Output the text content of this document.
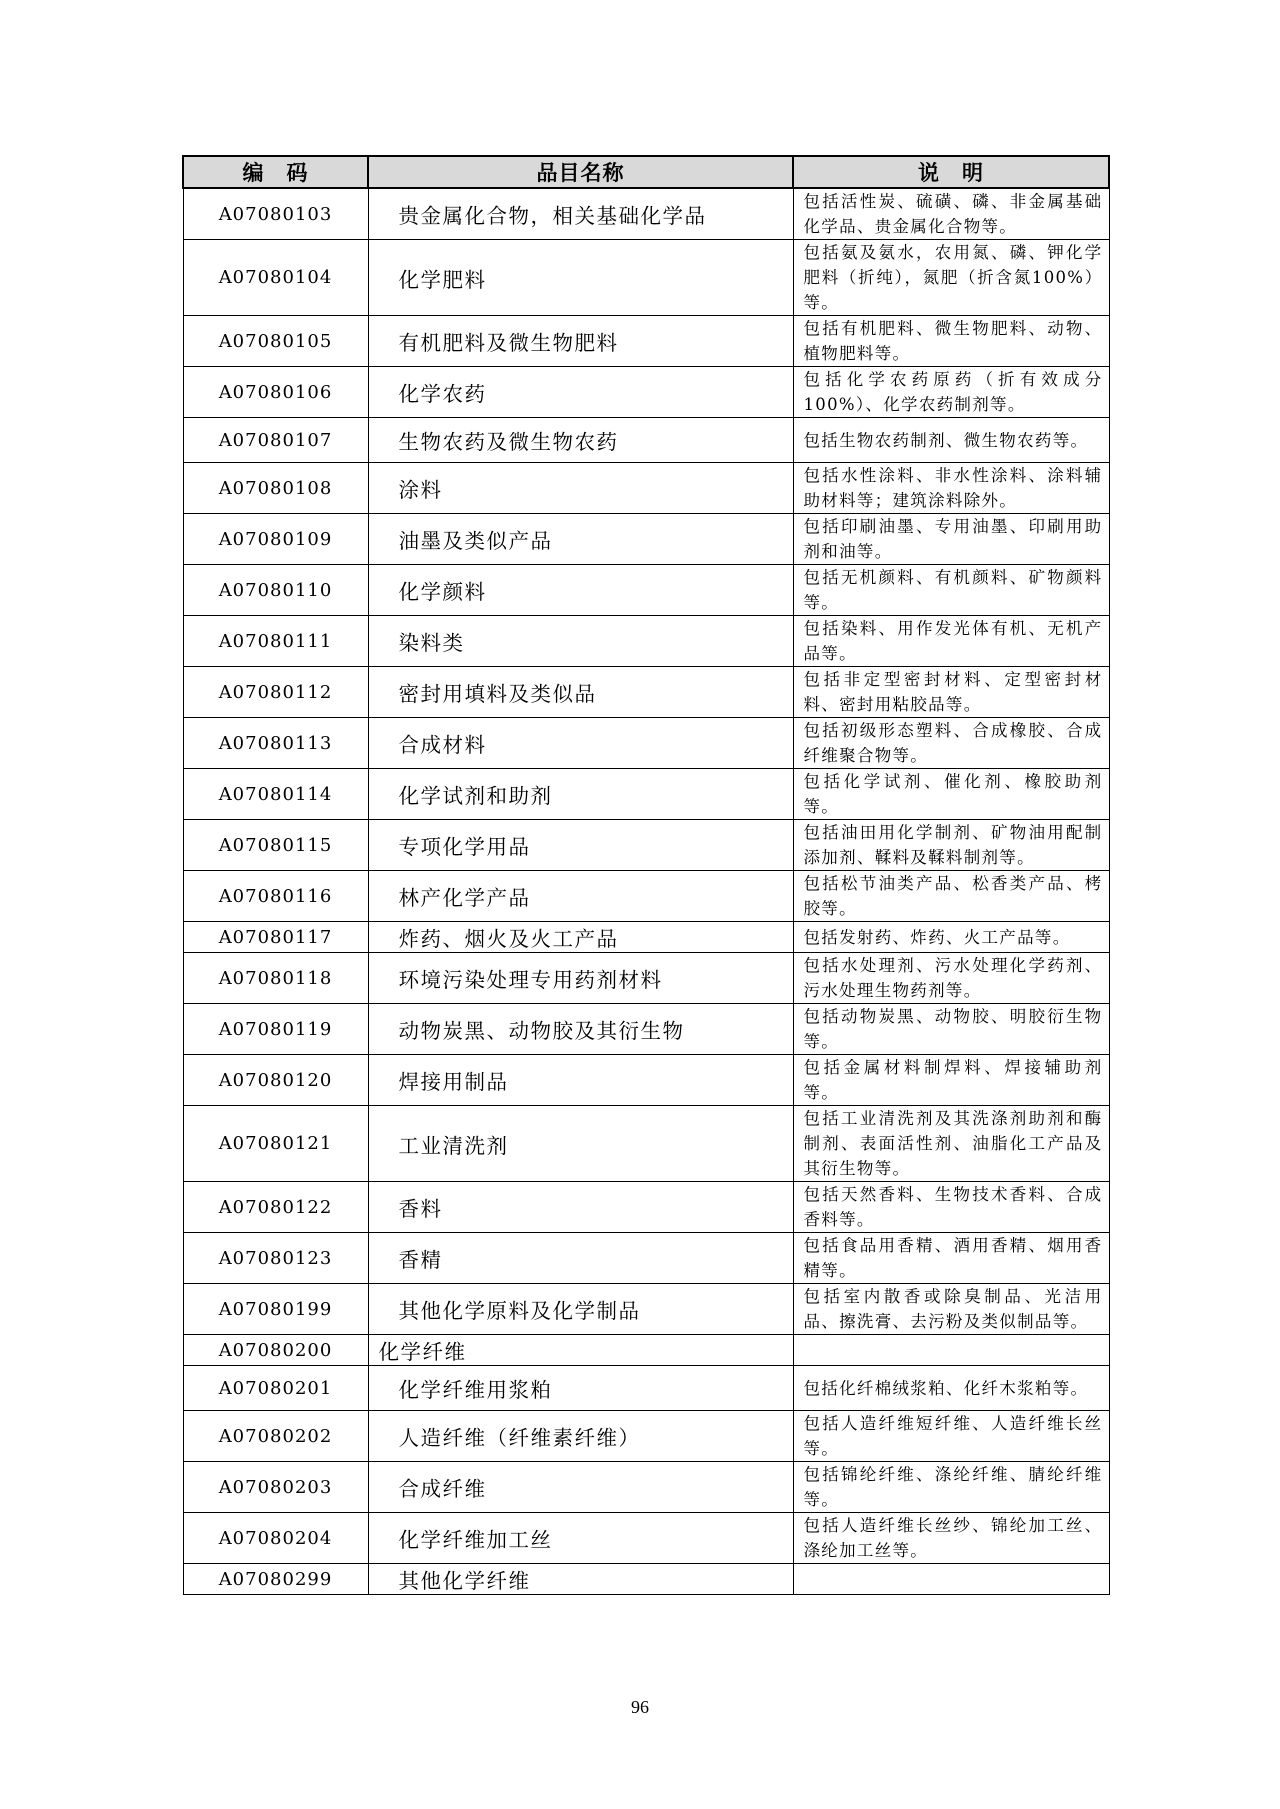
编　码	品目名称	说　明
A07080103	贵金属化合物，相关基础化学品	包括活性炭、硫磺、磷、非金属基础化学品、贵金属化合物等。
A07080104	化学肥料	包括氨及氨水，农用氮、磷、钾化学肥料（折纯），氮肥（折含氮100%）等。
A07080105	有机肥料及微生物肥料	包括有机肥料、微生物肥料、动物、植物肥料等。
A07080106	化学农药	包括化学农药原药（折有效成分100%）、化学农药制剂等。
A07080107	生物农药及微生物农药	包括生物农药制剂、微生物农药等。
A07080108	涂料	包括水性涂料、非水性涂料、涂料辅助材料等；建筑涂料除外。
A07080109	油墨及类似产品	包括印刷油墨、专用油墨、印刷用助剂和油等。
A07080110	化学颜料	包括无机颜料、有机颜料、矿物颜料等。
A07080111	染料类	包括染料、用作发光体有机、无机产品等。
A07080112	密封用填料及类似品	包括非定型密封材料、定型密封材料、密封用粘胶品等。
A07080113	合成材料	包括初级形态塑料、合成橡胶、合成纤维聚合物等。
A07080114	化学试剂和助剂	包括化学试剂、催化剂、橡胶助剂等。
A07080115	专项化学用品	包括油田用化学制剂、矿物油用配制添加剂、鞣料及鞣料制剂等。
A07080116	林产化学产品	包括松节油类产品、松香类产品、栲胶等。
A07080117	炸药、烟火及火工产品	包括发射药、炸药、火工产品等。
A07080118	环境污染处理专用药剂材料	包括水处理剂、污水处理化学药剂、污水处理生物药剂等。
A07080119	动物炭黑、动物胶及其衍生物	包括动物炭黑、动物胶、明胶衍生物等。
A07080120	焊接用制品	包括金属材料制焊料、焊接辅助剂等。
A07080121	工业清洗剂	包括工业清洗剂及其洗涤剂助剂和酶制剂、表面活性剂、油脂化工产品及其衍生物等。
A07080122	香料	包括天然香料、生物技术香料、合成香料等。
A07080123	香精	包括食品用香精、酒用香精、烟用香精等。
A07080199	其他化学原料及化学制品	包括室内散香或除臭制品、光洁用品、擦洗膏、去污粉及类似制品等。
A07080200	化学纤维	
A07080201	化学纤维用浆粕	包括化纤棉绒浆粕、化纤木浆粕等。
A07080202	人造纤维（纤维素纤维）	包括人造纤维短纤维、人造纤维长丝等。
A07080203	合成纤维	包括锦纶纤维、涤纶纤维、腈纶纤维等。
A07080204	化学纤维加工丝	包括人造纤维长丝纱、锦纶加工丝、涤纶加工丝等。
A07080299	其他化学纤维	
96
